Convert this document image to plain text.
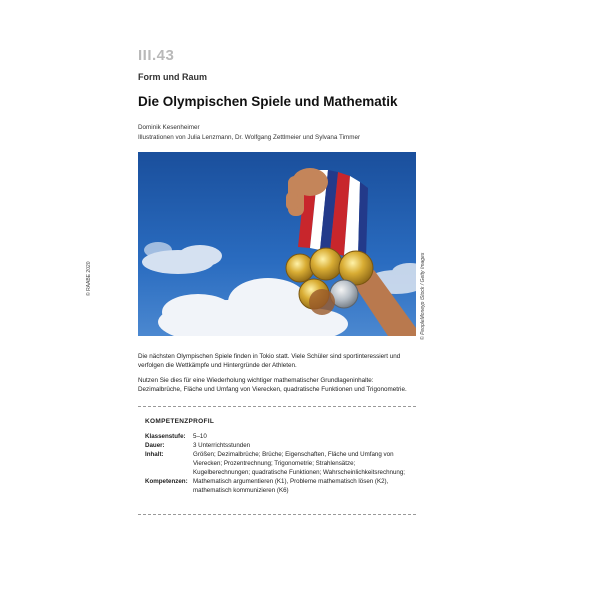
III.43
Form und Raum
Die Olympischen Spiele und Mathematik
Dominik Kesenheimer
Illustrationen von Julia Lenzmann, Dr. Wolfgang Zettlmeier und Sylvana Timmer
© RAABE 2020	© PeopleMoneyp iStock / Getty Images
Die nächsten Olympischen Spiele finden in Tokio statt. Viele Schüler sind sportinteressiert und verfolgen die Wettkämpfe und Hintergründe der Athleten.
Nutzen Sie dies für eine Wiederholung wichtiger mathematischer Grundlageninhalte: Dezimalbrüche, Fläche und Umfang von Vierecken, quadratische Funktionen und Trigonometrie.
KOMPETENZPROFIL
Klassenstufe:	5–10
Dauer:	3 Unterrichtsstunden
Inhalt:	Größen; Dezimalbrüche; Brüche; Eigenschaften, Fläche und Umfang von Vierecken; Prozentrechnung; Trigonometrie; Strahlensätze; Kugelberechnungen; quadratische Funktionen; Wahrscheinlichkeitsrechnung;
Kompetenzen:	Mathematisch argumentieren (K1), Probleme mathematisch lösen (K2), mathematisch kommunizieren (K6)
